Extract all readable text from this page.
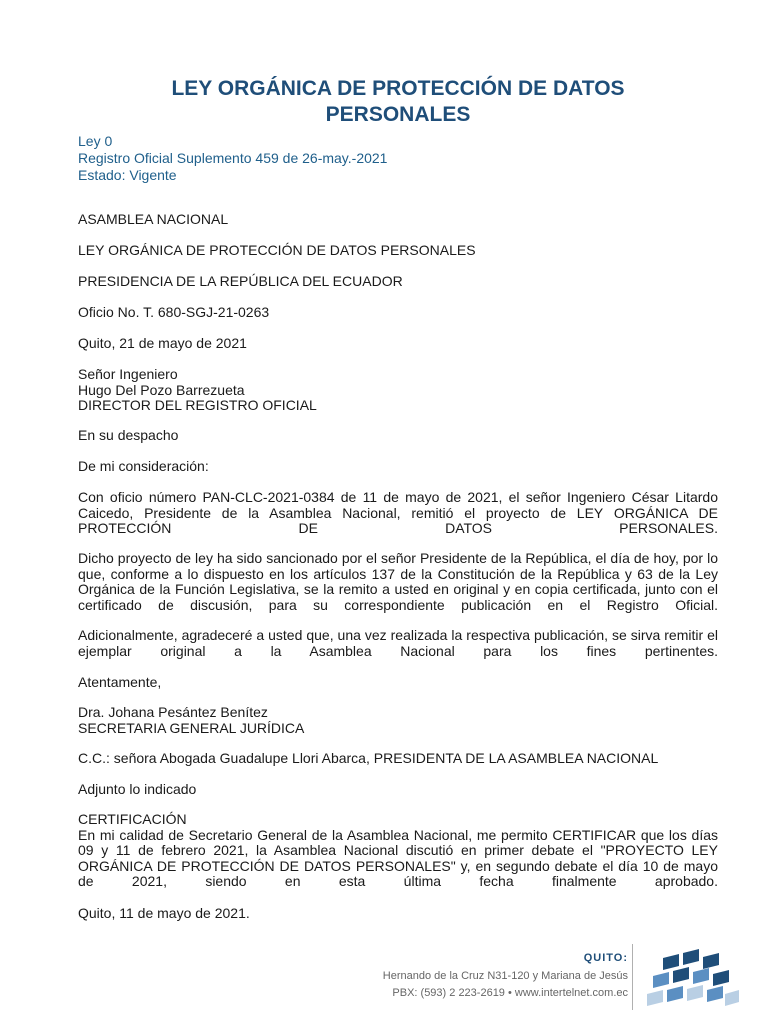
LEY ORGÁNICA DE PROTECCIÓN DE DATOS
PERSONALES
Ley 0
Registro Oficial Suplemento 459 de 26-may.-2021
Estado: Vigente
ASAMBLEA NACIONAL
LEY ORGÁNICA DE PROTECCIÓN DE DATOS PERSONALES
PRESIDENCIA DE LA REPÚBLICA DEL ECUADOR
Oficio No. T. 680-SGJ-21-0263
Quito, 21 de mayo de 2021
Señor Ingeniero
Hugo Del Pozo Barrezueta
DIRECTOR DEL REGISTRO OFICIAL
En su despacho
De mi consideración:
Con oficio número PAN-CLC-2021-0384 de 11 de mayo de 2021, el señor Ingeniero César Litardo Caicedo, Presidente de la Asamblea Nacional, remitió el proyecto de LEY ORGÁNICA DE PROTECCIÓN DE DATOS PERSONALES.
Dicho proyecto de ley ha sido sancionado por el señor Presidente de la República, el día de hoy, por lo que, conforme a lo dispuesto en los artículos 137 de la Constitución de la República y 63 de la Ley Orgánica de la Función Legislativa, se la remito a usted en original y en copia certificada, junto con el certificado de discusión, para su correspondiente publicación en el Registro Oficial.
Adicionalmente, agradeceré a usted que, una vez realizada la respectiva publicación, se sirva remitir el ejemplar original a la Asamblea Nacional para los fines pertinentes.
Atentamente,
Dra. Johana Pesántez Benítez
SECRETARIA GENERAL JURÍDICA
C.C.: señora Abogada Guadalupe Llori Abarca, PRESIDENTA DE LA ASAMBLEA NACIONAL
Adjunto lo indicado
CERTIFICACIÓN
En mi calidad de Secretario General de la Asamblea Nacional, me permito CERTIFICAR que los días 09 y 11 de febrero 2021, la Asamblea Nacional discutió en primer debate el "PROYECTO LEY ORGÁNICA DE PROTECCIÓN DE DATOS PERSONALES" y, en segundo debate el día 10 de mayo de 2021, siendo en esta última fecha finalmente aprobado.
Quito, 11 de mayo de 2021.
QUITO:
Hernando de la Cruz N31-120 y Mariana de Jesús
PBX: (593) 2 223-2619 • www.intertelnet.com.ec
